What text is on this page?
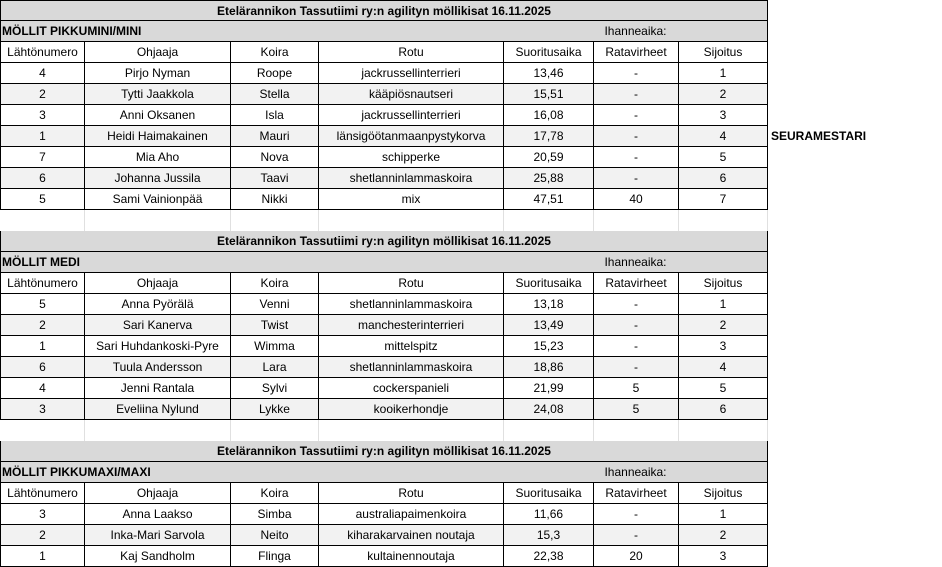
Etelärannikon Tassutiimi ry:n agilityn möllikisat 16.11.2025
MÖLLIT PIKKUMINI/MINI	Ihanneaika:
Lähtönumero	Ohjaaja	Koira	Rotu	Suoritusaika	Ratavirheet	Sijoitus
4	Pirjo Nyman	Roope	jackrussellinterrieri	13,46	-	1
2	Tytti Jaakkola	Stella	kääpiösnautseri	15,51	-	2
3	Anni Oksanen	Isla	jackrussellinterrieri	16,08	-	3
1	Heidi Haimakainen	Mauri	länsigöötanmaanpystykorva	17,78	-	4	SEURAMESTARI
7	Mia Aho	Nova	schipperke	20,59	-	5
6	Johanna Jussila	Taavi	shetlanninlammaskoira	25,88	-	6
5	Sami Vainionpää	Nikki	mix	47,51	40	7
Etelärannikon Tassutiimi ry:n agilityn möllikisat 16.11.2025
MÖLLIT MEDI	Ihanneaika:
Lähtönumero	Ohjaaja	Koira	Rotu	Suoritusaika	Ratavirheet	Sijoitus
5	Anna Pyörälä	Venni	shetlanninlammaskoira	13,18	-	1
2	Sari Kanerva	Twist	manchesterinterrieri	13,49	-	2
1	Sari Huhdankoski-Pyre	Wimma	mittelspitz	15,23	-	3
6	Tuula Andersson	Lara	shetlanninlammaskoira	18,86	-	4
4	Jenni Rantala	Sylvi	cockerspanieli	21,99	5	5
3	Eveliina Nylund	Lykke	kooikerhondje	24,08	5	6
Etelärannikon Tassutiimi ry:n agilityn möllikisat 16.11.2025
MÖLLIT PIKKUMAXI/MAXI	Ihanneaika:
Lähtönumero	Ohjaaja	Koira	Rotu	Suoritusaika	Ratavirheet	Sijoitus
3	Anna Laakso	Simba	australiapaimenkoira	11,66	-	1
2	Inka-Mari Sarvola	Neito	kiharakarvainen noutaja	15,3	-	2
1	Kaj Sandholm	Flinga	kultainennoutaja	22,38	20	3
